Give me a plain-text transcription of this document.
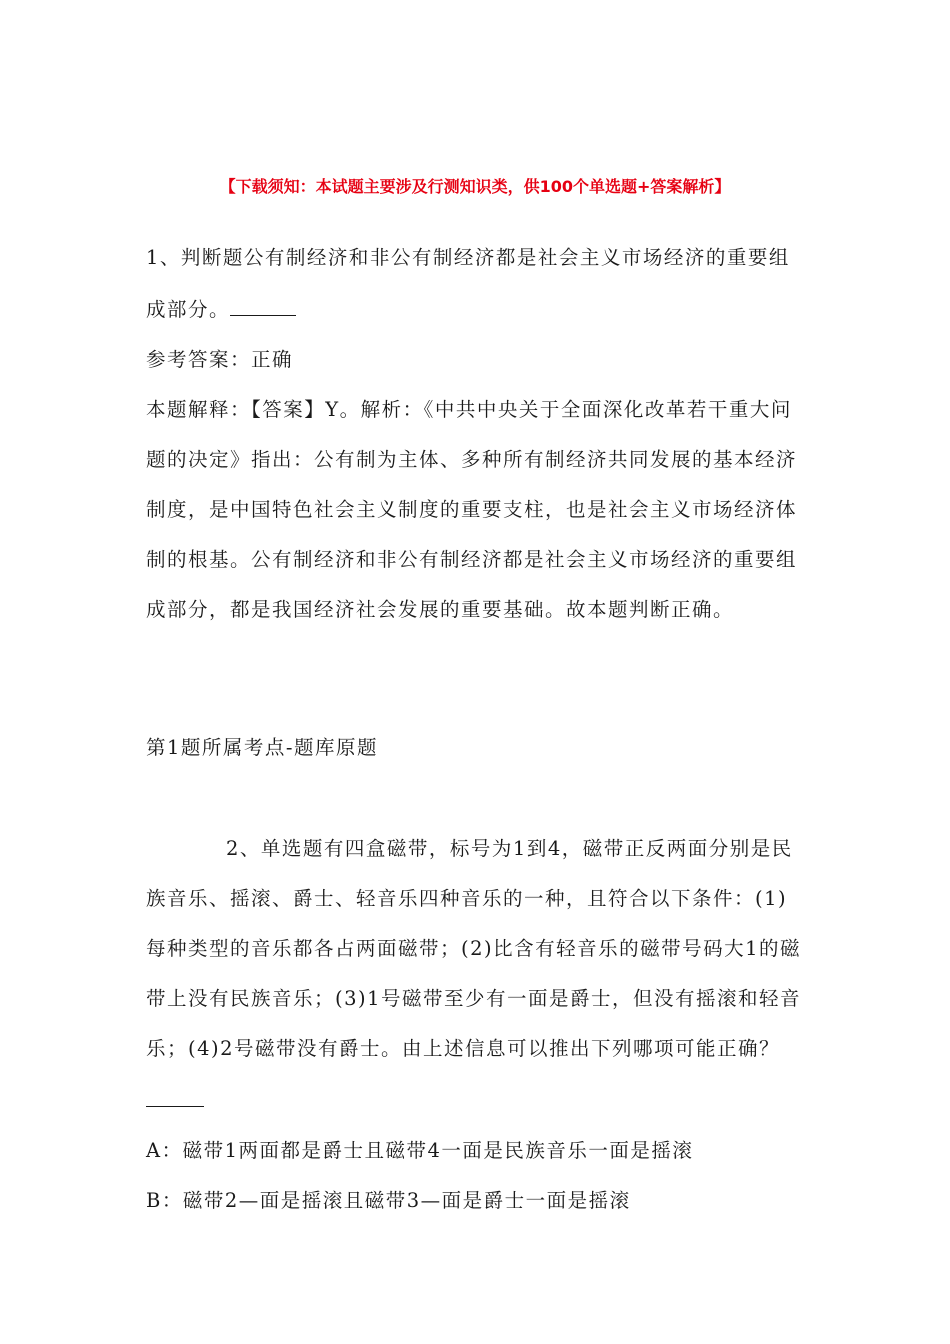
【下载须知：本试题主要涉及行测知识类，供100个单选题+答案解析】

1、判断题公有制经济和非公有制经济都是社会主义市场经济的重要组成部分。

参考答案：正确

本题解释：【答案】Y。解析：《中共中央关于全面深化改革若干重大问题的决定》指出：公有制为主体、多种所有制经济共同发展的基本经济制度，是中国特色社会主义制度的重要支柱，也是社会主义市场经济体制的根基。公有制经济和非公有制经济都是社会主义市场经济的重要组成部分，都是我国经济社会发展的重要基础。故本题判断正确。

第1题所属考点-题库原题

2、单选题有四盒磁带，标号为1到4，磁带正反两面分别是民族音乐、摇滚、爵士、轻音乐四种音乐的一种，且符合以下条件：(1)每种类型的音乐都各占两面磁带；(2)比含有轻音乐的磁带号码大1的磁带上没有民族音乐；(3)1号磁带至少有一面是爵士，但没有摇滚和轻音乐；(4)2号磁带没有爵士。由上述信息可以推出下列哪项可能正确？

A：磁带1两面都是爵士且磁带4一面是民族音乐一面是摇滚

B：磁带2—面是摇滚且磁带3—面是爵士一面是摇滚
